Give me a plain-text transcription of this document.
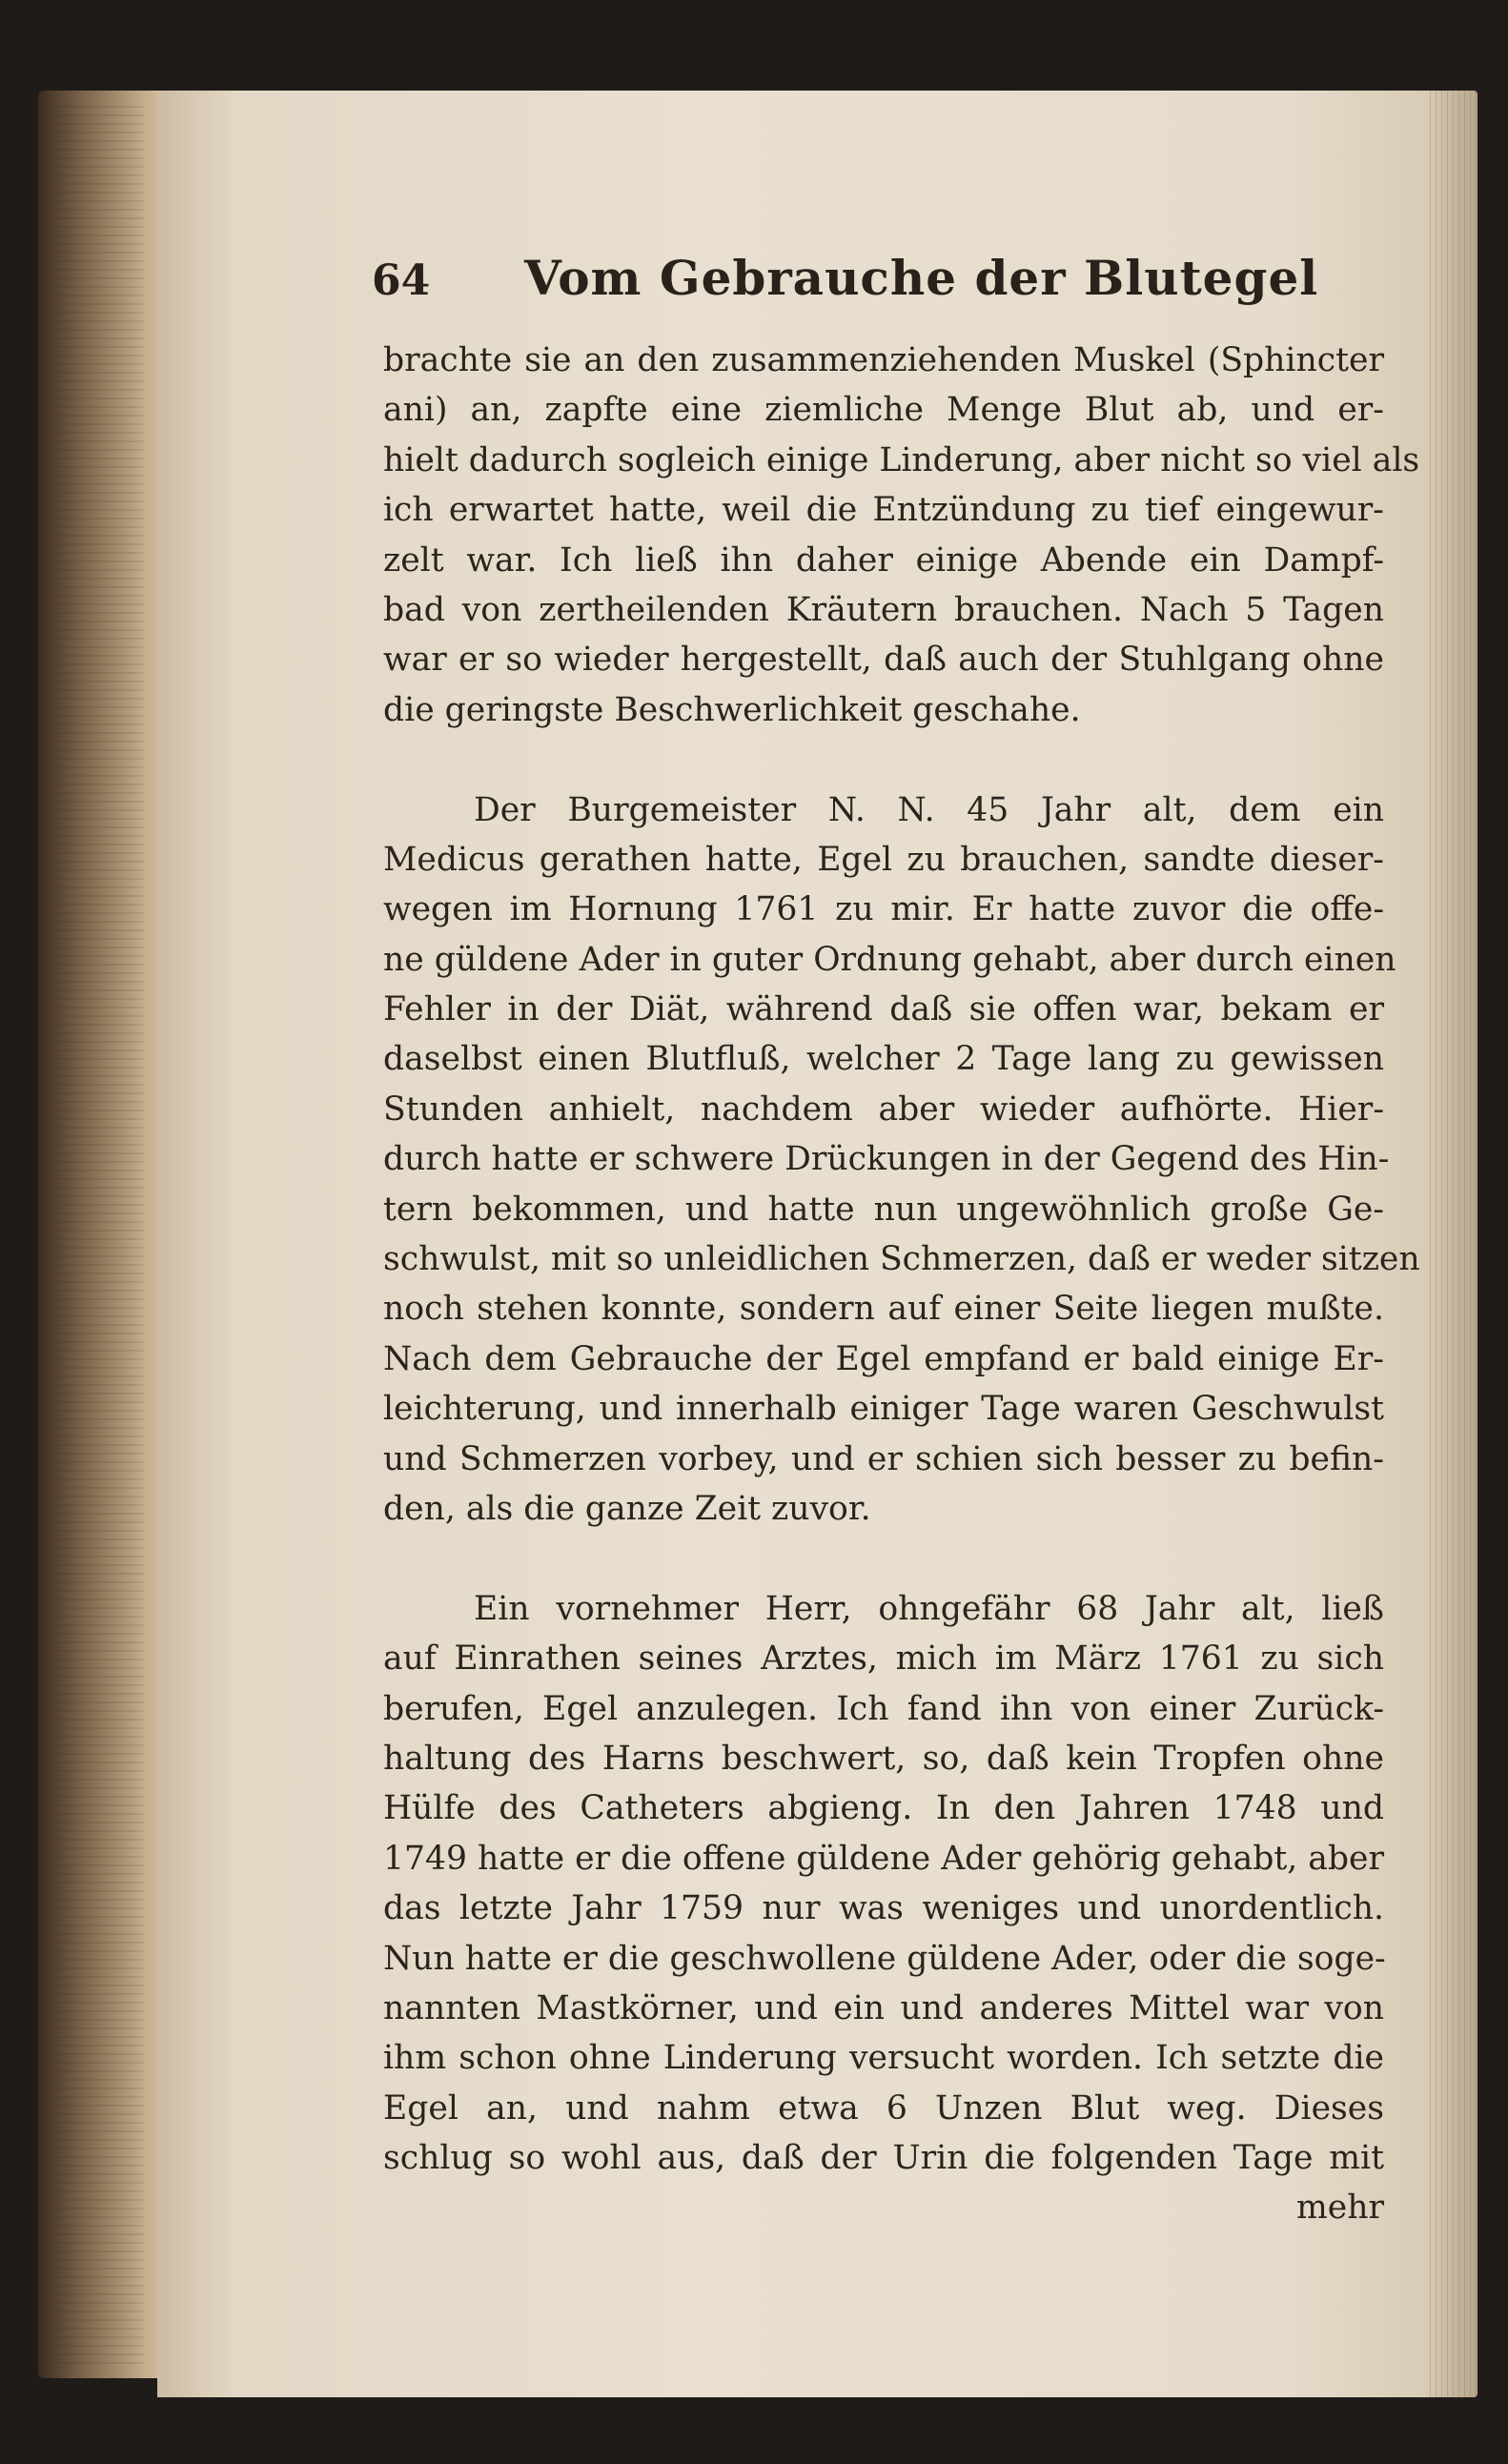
64	Vom Gebrauche der Blutegel
brachte sie an den zusammenziehenden Muskel (Sphincter
ani) an, zapfte eine ziemliche Menge Blut ab, und er-
hielt dadurch sogleich einige Linderung, aber nicht so viel als
ich erwartet hatte, weil die Entzündung zu tief eingewur-
zelt war. Ich ließ ihn daher einige Abende ein Dampf-
bad von zertheilenden Kräutern brauchen. Nach 5 Tagen
war er so wieder hergestellt, daß auch der Stuhlgang ohne
die geringste Beschwerlichkeit geschahe.
Der Burgemeister N. N. 45 Jahr alt, dem ein
Medicus gerathen hatte, Egel zu brauchen, sandte dieser-
wegen im Hornung 1761 zu mir. Er hatte zuvor die offe-
ne güldene Ader in guter Ordnung gehabt, aber durch einen
Fehler in der Diät, während daß sie offen war, bekam er
daselbst einen Blutfluß, welcher 2 Tage lang zu gewissen
Stunden anhielt, nachdem aber wieder aufhörte. Hier-
durch hatte er schwere Drückungen in der Gegend des Hin-
tern bekommen, und hatte nun ungewöhnlich große Ge-
schwulst, mit so unleidlichen Schmerzen, daß er weder sitzen
noch stehen konnte, sondern auf einer Seite liegen mußte.
Nach dem Gebrauche der Egel empfand er bald einige Er-
leichterung, und innerhalb einiger Tage waren Geschwulst
und Schmerzen vorbey, und er schien sich besser zu befin-
den, als die ganze Zeit zuvor.
Ein vornehmer Herr, ohngefähr 68 Jahr alt, ließ
auf Einrathen seines Arztes, mich im März 1761 zu sich
berufen, Egel anzulegen. Ich fand ihn von einer Zurück-
haltung des Harns beschwert, so, daß kein Tropfen ohne
Hülfe des Catheters abgieng. In den Jahren 1748 und
1749 hatte er die offene güldene Ader gehörig gehabt, aber
das letzte Jahr 1759 nur was weniges und unordentlich.
Nun hatte er die geschwollene güldene Ader, oder die soge-
nannten Mastkörner, und ein und anderes Mittel war von
ihm schon ohne Linderung versucht worden. Ich setzte die
Egel an, und nahm etwa 6 Unzen Blut weg. Dieses
schlug so wohl aus, daß der Urin die folgenden Tage mit
mehr
